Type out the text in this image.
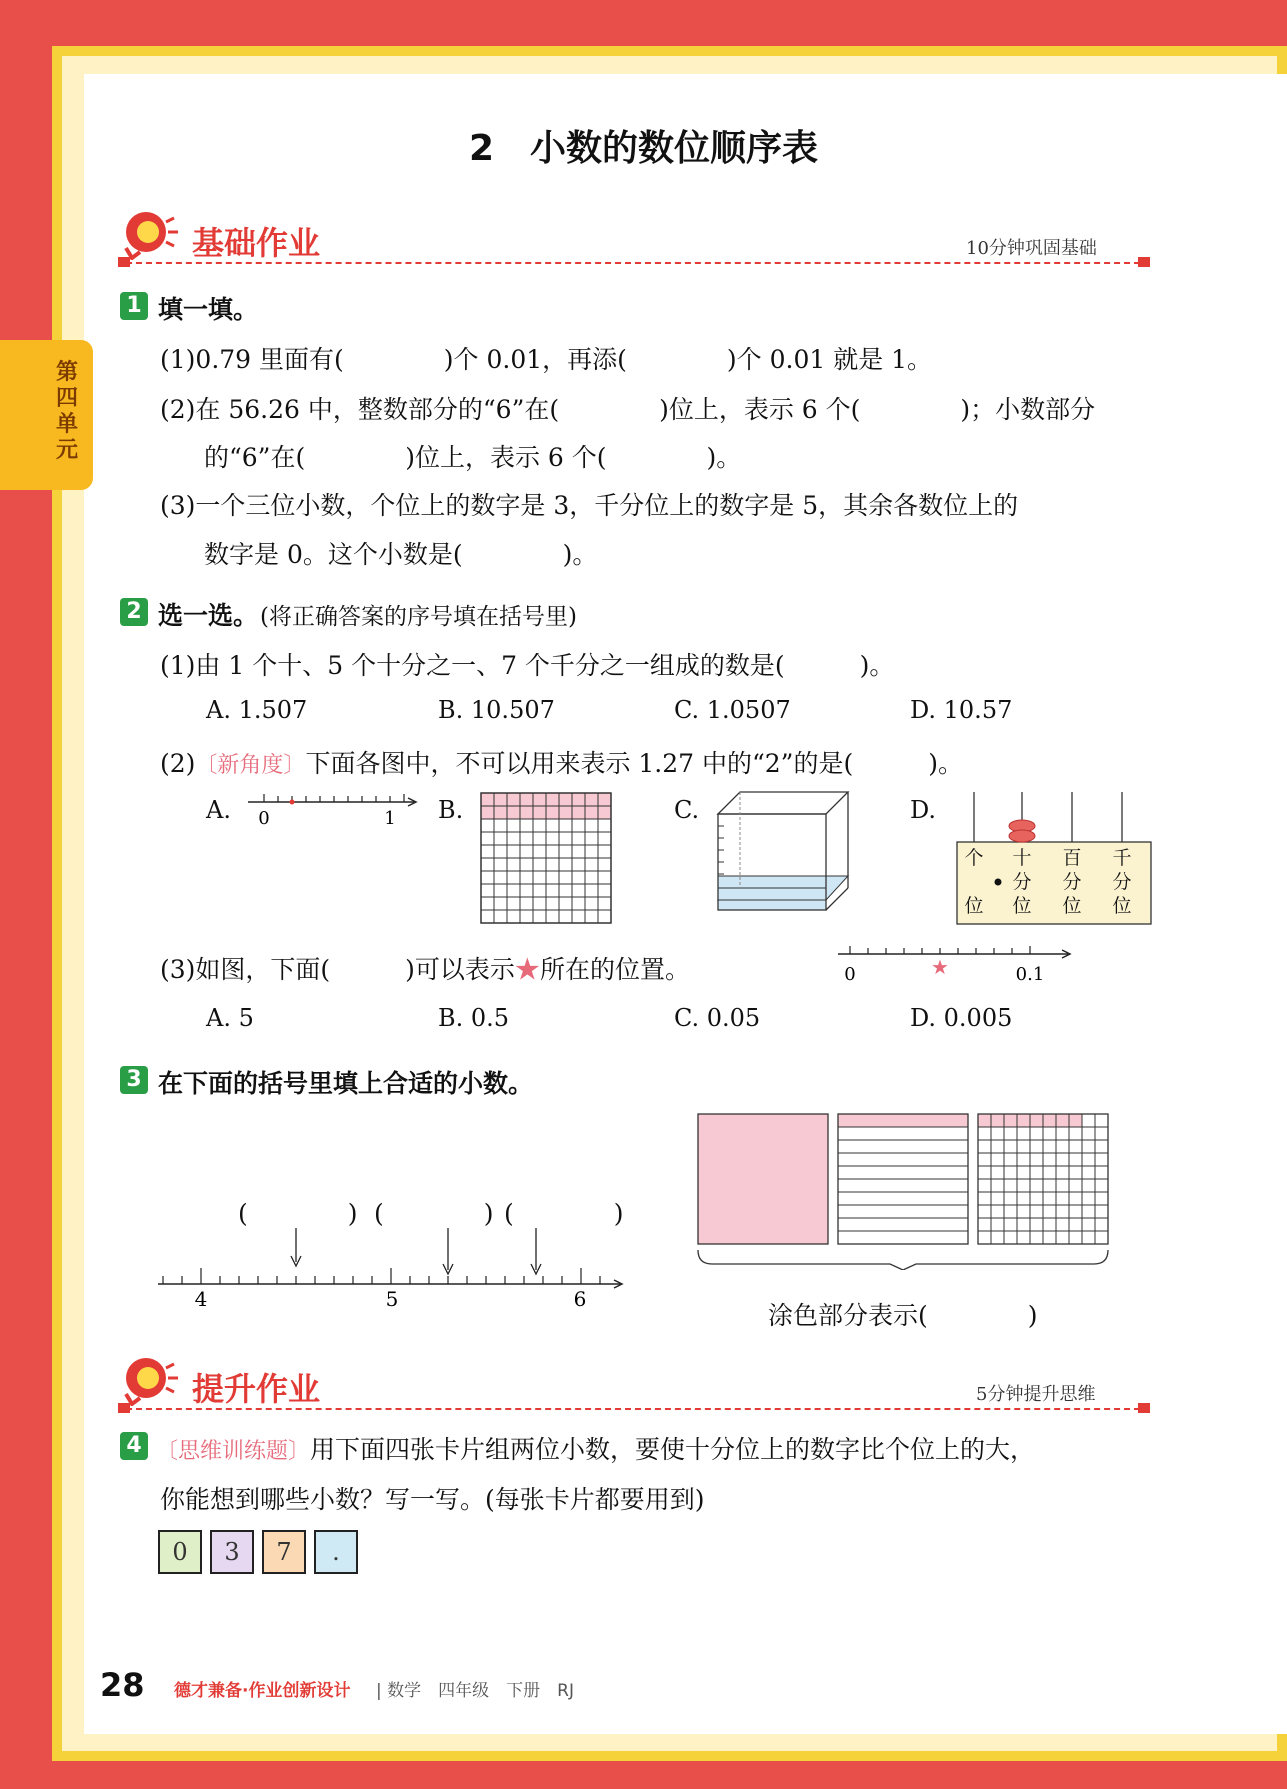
第四单元
2　小数的数位顺序表
基础作业	10分钟巩固基础
1 填一填。
(1)0.79 里面有(　　　　)个 0.01，再添(　　　　)个 0.01 就是 1。
(2)在 56.26 中，整数部分的“6”在(　　　　)位上，表示 6 个(　　　　)；小数部分
的“6”在(　　　　)位上，表示 6 个(　　　　)。
(3)一个三位小数，个位上的数字是 3，千分位上的数字是 5，其余各数位上的
数字是 0。这个小数是(　　　　)。
2 选一选。 (将正确答案的序号填在括号里)
(1)由 1 个十、5 个十分之一、7 个千分之一组成的数是(　　　)。
A. 1.507	B. 10.507	C. 1.0507	D. 10.57
(2)〔新角度〕下面各图中，不可以用来表示 1.27 中的“2”的是(　　　)。
A.	B.	C.	D.
0	1
个
位
十
分
位
百
分
位
千
分
位
(3)如图，下面(　　　)可以表示★所在的位置。	★
0	0.1
A. 5	B. 0.5	C. 0.05	D. 0.005
3 在下面的括号里填上合适的小数。
(　　　　) (　　　　) (　　　　)
4	5	6
涂色部分表示(　　　　)
提升作业	5分钟提升思维
4 〔思维训练题〕用下面四张卡片组两位小数，要使十分位上的数字比个位上的大，
你能想到哪些小数？写一写。(每张卡片都要用到)
0	3	7	.
28 德才兼备·作业创新设计 | 数学　四年级　下册　RJ
